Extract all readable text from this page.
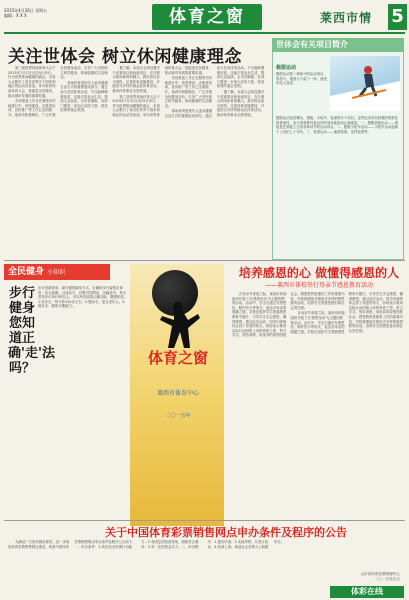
2015年4月26日 星期五
编辑：X X X	体育之窗	莱西市情 5
关注世体会 树立休闲健康理念

第三届世界休闲体育大会于2015年7月12日至25日举行。作为世界休闲健康的盛会，本届大会吸引了来自世界多个国家和地区的运动员参加。举办世界休闲体育大会，是促进全民健身、推动城市发展的重要机遇。

各项准备工作正在紧张有序地进行中，场馆建设、志愿者培训、宣传推广等工作已全面展开。莱西市积极响应，广泛开展全民健身活动，引导广大市民树立科学健身、休闲健康的生活理念。

休闲体育是现代人追求健康生活方式的重要组成部分。通过参与各类体育活动，不仅能够增强体质，还能丰富业余生活，提高生活品质。全市各镇街、各部门要进一步加大宣传力度，营造浓厚的赛会氛围。

据了解，本届大会将设置多个竞赛项目和表演项目，充分展示休闲体育的魅力。我市将以此为契机，完善体育设施建设，开展形式多样的群众性体育活动，推动体育事业全面发展。

第三届世界休闲体育大会于2015年7月12日至25日举行。作为世界休闲健康的盛会，本届大会吸引了来自世界多个国家和地区的运动员参加。举办世界休闲体育大会，是促进全民健身、推动城市发展的重要机遇。

各项准备工作正在紧张有序地进行中，场馆建设、志愿者培训、宣传推广等工作已全面展开。莱西市积极响应，广泛开展全民健身活动，引导广大市民树立科学健身、休闲健康的生活理念。

休闲体育是现代人追求健康生活方式的重要组成部分。通过参与各类体育活动，不仅能够增强体质，还能丰富业余生活，提高生活品质。全市各镇街、各部门要进一步加大宣传力度，营造浓厚的赛会氛围。

据了解，本届大会将设置多个竞赛项目和表演项目，充分展示休闲体育的魅力。我市将以此为契机，完善体育设施建设，开展形式多样的群众性体育活动，推动体育事业全面发展。

世休会有关项目简介
极限运动
极限运动是一种新兴的运动项目，集技巧、速度与力量于一体，深受年轻人喜爱。
极限运动包括攀岩、滑板、小轮车、轮滑等多个项目。这些运动具有较强的观赏性和挑战性，参与者需要具备良好的身体素质和心理素质。一、极限滑板运动——滑板是在滑板上完成各种动作的运动项目。二、极限小轮车运动——小轮车运动起源于上世纪七十年代。三、轮滑运动——速度轮滑、花样轮滑等。
全民健身 小知识
步行健身您知道正确'走'法吗？
步行是最简单、最方便的健身方式。正确的步行姿势应该是：抬头挺胸，目视前方，双臂自然摆动，步幅适中。每天坚持步行30分钟以上，可以有效改善心肺功能，增强体质。1.快步走：每分钟120步左右；2.慢步走：适合老年人；3.倒步走：锻炼平衡能力。
体育之窗
莱西市体育中心
二〇一五年
培养感恩的心 做懂得感恩的人
——莱西市体校举行母亲节感恩教育活动

在母亲节来临之际，莱西市体校组织开展了以'感恩母亲'为主题的教育活动。活动中，学生们通过写感恩信、制作贺卡等形式，表达对母亲的感激之情。学校还组织学生观看感恩教育专题片，引导学生学会感恩、懂得感恩。通过此次活动，同学们深刻体会到了母爱的伟大，纷纷表示要用实际行动回报父母的养育之恩，努力学习，刻苦训练，用优异的成绩回报社会。感恩教育是德育工作的重要内容，学校将继续开展形式多样的感恩教育活动，培养学生的感恩意识和社会责任感。

在母亲节来临之际，莱西市体校组织开展了以'感恩母亲'为主题的教育活动。活动中，学生们通过写感恩信、制作贺卡等形式，表达对母亲的感激之情。学校还组织学生观看感恩教育专题片，引导学生学会感恩、懂得感恩。通过此次活动，同学们深刻体会到了母爱的伟大，纷纷表示要用实际行动回报父母的养育之恩，努力学习，刻苦训练，用优异的成绩回报社会。感恩教育是德育工作的重要内容，学校将继续开展形式多样的感恩教育活动，培养学生的感恩意识和社会责任感。

关于中国体育彩票销售网点申办条件及程序的公告

为满足广大彩民购彩需求，进一步规范体育彩票销售网点建设，现将中国体育彩票销售网点申办条件及程序公告如下：一、申办条件：1.具有完全民事行为能力；2.有固定的经营场所，面积符合要求；3.有一定的资金实力。二、申办程序：1.提出申请；2.实地考察；3.签订协议；4.培训上岗。欢迎社会各界人士积极申办。

山东省体育彩票管理中心
二〇一五年五月
体彩在线
